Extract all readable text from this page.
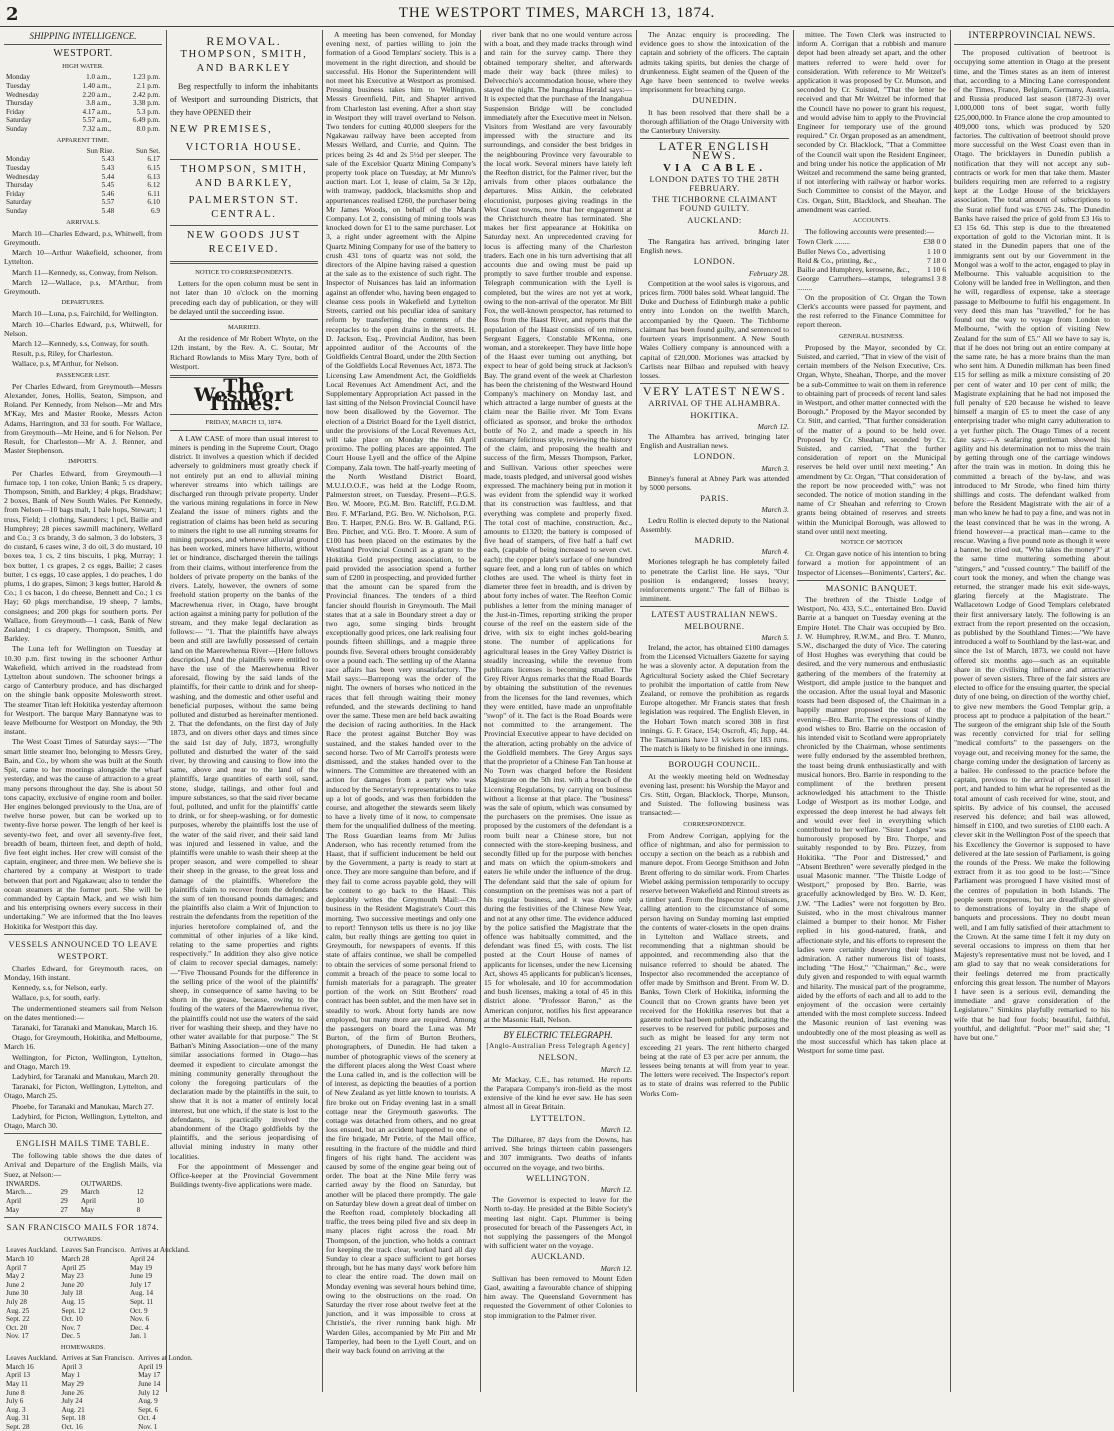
2	THE WESTPORT TIMES, MARCH 13, 1874.
SHIPPING INTELLIGENCE.
WESTPORT.
HIGH WATER.
Monday	1.0 a.m.,	1.23 p.m.
Tuesday	1.40 a.m.,	2.1 p.m.
Wednesday	2.20 a.m.,	2.42 p.m.
Thursday	3.8 a.m.,	3.38 p.m.
Friday	4.17 a.m.,	5.3 p.m.
Saturday	5.57 a.m.,	6.49 p.m.
Sunday	7.32 a.m.,	8.0 p.m.
APPARENT TIME.
	Sun Rise.	Sun Set.
Monday	5.43	6.17
Tuesday	5.43	6.15
Wednesday	5.44	6.13
Thursday	5.45	6.12
Friday	5.46	6.11
Saturday	5.57	6.10
Sunday	5.48	6.9
ARRIVALS.

March 10—Charles Edward, p.s, Whitwell, from Greymouth.

March 10—Arthur Wakefield, schooner, from Lyttelton.

March 11—Kennedy, ss, Conway, from Nelson.

March 12—Wallace, p.s, M'Arthur, from Greymouth.

DEPARTURES.

March 10—Luna, p.s, Fairchild, for Wellington.

March 10—Charles Edward, p.s, Whitwell, for Nelson.

March 12—Kennedy, s.s, Conway, for south.

Result, p.s, Riley, for Charleston.

Wallace, p.s, M'Arthur, for Nelson.

PASSENGER LIST.

Per Charles Edward, from Greymouth—Messrs Alexander, Jones, Hollis, Seaton, Simpson, and Roland. Per Kennedy, from Nelson—Mr and Mrs M'Kay, Mrs and Master Rooke, Messrs Acton Adams, Harrington, and 33 for south. For Wallace, from Greymouth—Mr Heine, and 6 for Nelson. Per Result, for Charleston—Mr A. J. Renner, and Master Stephenson.

IMPORTS.

Per Charles Edward, from Greymouth—1 furnace top, 1 ton coke, Union Bank; 5 cs drapery, Thompson, Smith, and Barkley; 4 pkgs, Bradshaw; 2 boxes, Bank of New South Wales. Per Kennedy, from Nelson—10 bags malt, 1 bale hops, Stewart; 1 truss, Field; 1 clothing, Saunders; 1 pcl, Bailie and Humphrey; 28 pieces sawmill machinery, Wellard and Co.; 3 cs brandy, 3 do salmon, 3 do lobsters, 3 do custard, 6 cases wine, 3 do oil, 3 do mustard, 10 boxes tea, 1 cs, 2 tins biscuits, 1 pkg, Murray; 1 box butter, 1 cs grapes, 2 cs eggs, Bailie; 2 cases butter, 1 cs eggs, 10 case apples, 1 do peaches, 1 do plums, 1 do grapes, Simon; 3 kegs butter, Harold & Co.; 1 cs bacon, 1 do cheese, Bennett and Co.; 1 cs Hay; 60 pkgs merchandise, 19 sheep, 7 lambs, consignees; and 200 pkgs for southern ports. Per Wallace, from Greymouth—1 cask, Bank of New Zealand; 1 cs drapery, Thompson, Smith, and Barkley.

The Luna left for Wellington on Tuesday at 10.30 p.m. first towing in the schooner Arthur Wakefield, which arrived in the roadstead from Lyttelton about sundown. The schooner brings a cargo of Canterbury produce, and has discharged on the shingle bank opposite Molesworth street. The steamer Titan left Hokitika yesterday afternoon for Westport. The barque Mary Bannatyne was to leave Melbourne for Westport on Monday, the 9th instant.

The West Coast Times of Saturday says:—"The smart little steamer Ino, belonging to Messrs Grey, Bain, and Co., by whom she was built at the South Spit, came to her moorings alongside the wharf yesterday, and was the cause of attraction to a great many persons throughout the day. She is about 50 tons capacity, exclusive of engine room and boiler. Her engines belonged previously to the Una, are of twelve horse power, but can be worked up to twenty-five horse power. The length of her keel is seventy-two feet, and over all seventy-five feet, breadth of beam, thirteen feet, and depth of hold, five feet eight inches. Her crew will consist of the captain, engineer, and three men. We believe she is chartered by a company at Westport to trade between that port and Ngakawau; also to tender the ocean steamers at the former port. She will be commanded by Captain Mack, and we wish him and his enterprising owners every success in their undertaking." We are informed that the Ino leaves Hokitika for Westport this day.

VESSELS ANNOUNCED TO LEAVE WESTPORT.

Charles Edward, for Greymouth races, on Monday, 16th instant.

Kennedy, s.s, for Nelson, early.

Wallace, p.s, for south, early.

The undermentioned steamers sail from Nelson on the dates mentioned:—

Taranaki, for Taranaki and Manukau, March 16.

Otago, for Greymouth, Hokitika, and Melbourne, March 16.

Wellington, for Picton, Wellington, Lyttelton, and Otago, March 19.

Ladybird, for Taranaki and Manukau, March 20.

Taranaki, for Picton, Wellington, Lyttelton, and Otago, March 25.

Phoebe, for Taranaki and Manukau, March 27.

Ladybird, for Picton, Wellington, Lyttelton, and Otago, March 30.

ENGLISH MAILS TIME TABLE.

The following table shows the due dates of Arrival and Departure of the English Mails, via Suez, at Nelson:—

INWARDS.		OUTWARDS.	
March....	29	March	12
April	29	April	10
May	27	May	8
SAN FRANCISCO MAILS FOR 1874.
OUTWARDS.
Leaves Auckland.	Leaves San Francisco.	Arrives at Auckland.
March 10	March 28	April 24
April 7	April 25	May 19
May 2	May 23	June 19
June 2	June 20	July 17
June 30	July 18	Aug. 14
July 28	Aug. 15	Sept. 11
Aug. 25	Sept. 12	Oct. 9
Sept. 22	Oct. 10	Nov. 6
Oct. 20	Nov. 7	Dec. 4
Nov. 17	Dec. 5	Jan. 1
HOMEWARDS.
Leaves Auckland.	Arrives at San Francisco.	Arrives at London.
March 16	April 3	April 19
April 13	May 1	May 17
May 11	May 29	June 14
June 8	June 26	July 12
July 6	July 24	Aug. 9
Aug. 3	Aug. 21	Sept. 6
Aug. 31	Sept. 18	Oct. 4
Sept. 28	Oct. 16	Nov. 1
REMOVAL.
THOMPSON, SMITH, AND BARKLEY

Beg respectfully to inform the inhabitants of Westport and surrounding Districts, that they have OPENED their

NEW PREMISES,
VICTORIA HOUSE.
THOMPSON, SMITH, AND BARKLEY,
PALMERSTON ST. CENTRAL.
NEW GOODS JUST RECEIVED.
NOTICE TO CORRESPONDENTS.

Letters for the open column must be sent in not later than 10 o'clock on the morning preceding each day of publication, or they will be delayed until the succeeding issue.

MARRIED.

At the residence of Mr Robert Whyte, on the 12th instant, by the Rev. A. C. Soutar, Mr Richard Rowlands to Miss Mary Tyre, both of Westport.

The Westport Times.
FRIDAY, MARCH 13, 1874.

A LAW CASE of more than usual interest to miners is pending in the Supreme Court, Otago district. It involves a question which if decided adversely to goldminers must greatly check if not entirely put an end to alluvial mining wherever streams into which tailings are discharged run through private property. Under the various mining regulations in force in New Zealand the issue of miners rights and the registration of claims has been held as securing to miners the right to use all running streams for mining purposes, and whenever alluvial ground has been worked, miners have hitherto, without let or hindrance, discharged therein the tailings from their claims, without interference from the holders of private property on the banks of the rivers. Lately, however, the owners of some freehold station property on the banks of the Macrewhenua river, in Otago, have brought action against a mining party for pollution of the stream, and they make legal declaration as follows:— "1. That the plaintiffs have always been and still are lawfully possessed of certain land on the Maerewhenua River—[Here follows description.] And the plaintiffs were entitled to have the use of the Maerewhenua River aforesaid, flowing by the said lands of the plaintiffs, for their cattle to drink and for sheep-washing, and the domestic and other useful and beneficial purposes, without the same being polluted and disturbed as hereinafter mentioned. 2. That the defendants, on the first day of July 1873, and on divers other days and times since the said 1st day of July, 1873, wrongfully polluted and disturbed the water of the said river, by throwing and causing to flow into the same, above and near to the land of the plaintiffs, large quantities of earth soil, sand, stone, sludge, tailings, and other foul and impure substances, so that the said river became foul, polluted, and unfit for the plaintiffs' cattle to drink, or for sheep-washing, or for domestic purposes, whereby the plaintiffs lost the use of the water of the said river, and their said land was injured and lessened in value, and the plaintiffs were unable to wash their sheep at the proper season, and were compelled to shear their sheep in the grease, to the great loss and damage of the plaintiffs. Wherefore the plaintiffs claim to recover from the defendants the sum of ten thousand pounds damages; and the plaintiffs also claim a Writ of Injunction to restrain the defendants from the repetition of the injuries heretofore complained of, and the committal of other injuries of a like kind, relating to the same properties and rights respectively." In addition they also give notice of claim to recover special damages, namely:—"Five Thousand Pounds for the difference in the selling price of the wool of the plaintiffs' sheep, in consequence of same having to be shorn in the grease, because, owing to the fouling of the waters of the Maerewhenua river, the plaintiffs could not use the waters of the said river for washing their sheep, and they have no other water available for that purpose." The St Bathan's Mining Association—one of the many similar associations formed in Otago—has deemed it expedient to circulate amongst the mining community generally throughout the colony the foregoing particulars of the declaration made by the plaintiffs in the suit, to show that it is not a matter of entirely local interest, but one which, if the state is lost to the defendants, is practically involved the abandonment of the Otago goldfields by the plaintiffs, and the serious jeopardising of alluvial mining industry in many other localities.

For the appointment of Messenger and Office-keeper at the Provincial Government Buildings twenty-five applications were made.

A meeting has been convened, for Monday evening next, of parties willing to join the formation of a Good Templars' society. This is a movement in the right direction, and should be successful. His Honor the Superintendent will not meet his Executive at Westport as promised. Pressing business takes him to Wellington. Messrs Greenfield, Pitt, and Shapter arrived from Charleston last evening. After a short stay in Westport they will travel overland to Nelson. Two tenders for cutting 40,000 sleepers for the Ngakawau railway have been accepted from Messrs Wellard, and Currie, and Quinn. The prices being 2s 4d and 2s 5½d per sleeper. The sale of the Excelsior Quartz Mining Company's property took place on Tuesday, at Mr Munro's auction mart. Lot 1, lease of claim, 5a 3r 12p, with tramway, paddock, blacksmiths shop and appurtenances realised £260, the purchaser being Mr James Woods, on behalf of the Marsh Company. Lot 2, consisting of mining tools was knocked down for £1 to the same purchaser. Lot 3, a right under agreement with the Alpine Quartz Mining Company for use of the battery to crush 431 tons of quartz was not sold, the directors of the Alpine having raised a question at the sale as to the existence of such right. The Inspector of Nuisances has laid an information against an offender who, having been engaged to cleanse cess pools in Wakefield and Lyttelton Streets, carried out his peculiar idea of sanitary reform by transferring the contents of the receptacles to the open drains in the streets. H. D. Jackson, Esq., Provincial Auditor, has been appointed auditor of the Accounts of the Goldfields Central Board, under the 20th Section of the Goldfields Local Revenues Act, 1873. The Licensing Law Amendment Act, the Goldfields Local Revenues Act Amendment Act, and the Supplementary Appropriation Act passed in the last sitting of the Nelson Provincial Council have now been disallowed by the Governor. The election of a District Board for the Lyell district, under the provisions of the Local Revenues Act, will take place on Monday the 6th April proximo. The polling places are appointed. The Court House Lyell and the office of the Alpine Company, Zala town. The half-yearly meeting of the North Westland District Board, M.U.I.O.O.F., was held at the Lodge Room, Palmerston street, on Tuesday. Present—P.G.S. Bro. W. Moore, P.G.M. Bro. Ratcliff, P.G.D.M. Bro. F. M'Farland, P.G. Bro. W. Nicholson, P.G. Bro. T. Harper, P.N.G. Bro. W. B. Galland, P.G. Bro. Pitcher, and V.G. Bro. T. Moore. A sum of £100 has been placed on the estimates by the Westland Provincial Council as a grant to the Hokitika Gold prospecting association, to be paid provided the association spend a further sum of £200 in prospecting, and provided further that the amount can be spared from the Provincial finances. The tenders of a third fancier should flourish in Greymouth. The Mail states that at a sale in Boundary street a day or two ago, some singing birds brought exceptionally good prices, one lark realising four pounds fifteen shillings, and a magpie three pounds five. Several others brought considerably over a pound each. The settling up of the Alanna race affairs has been very unsatisfactory. The Mail says:—Barrepong was the order of the night. The owners of horses who noticed in the races that fell through waiting their money refunded, and the stewards declining to hand over the same. These men are held back awaiting the decision of racing authorities. In the Hack Race the protest against Butcher Boy was sustained, and the stakes handed over to the second horse. Two of Mr Carroll's protests were dismissed, and the stakes handed over to the winners. The Committee are threatened with an action for damages from a party who was induced by the Secretary's representations to take up a lot of goods, and was then forbidden the course, and altogether the stewards seem likely to have a lively time of it now, to compensate them for the unqualified dullness of the meeting. The Ross Guardian learns from Mr Julius Anderson, who has recently returned from the Haast, that if sufficient inducement be held out by the Government, a party is ready to start at once. They are more sanguine than before, and if they fail to come across payable gold, they will be content to go back to the Haast. This deplorably writes the Greymouth Mail:—On business in the Resident Magistrate's Court this morning. Two successive meetings and only one to report! Tennyson tells us there is no joy like calm, but really things are getting too quiet in Greymouth, for newspapers of events. If this state of affairs continue, we shall be compelled to obtain the services of some personal friend to commit a breach of the peace to some local to furnish materials for a paragraph. The greater portion of the work on Stitt Brothers' road contract has been sublet, and the men have set in steadily to work. About forty hands are now employed, but many more are required. Among the passengers on board the Luna was Mr Burton, of the firm of Burton Brothers, photographers, of Dunedin. He had taken a number of photographic views of the scenery at the different places along the West Coast where the Luna called in, and is the collection will be of interest, as depicting the beauties of a portion of New Zealand as yet little known to tourists. A fire broke out on Friday evening last in a small cottage near the Greymouth gasworks. The cottage was detached from others, and no great loss ensued, but an accident happened to one of the fire brigade, Mr Petrie, of the Mail office, resulting in the fracture of the middle and third fingers of his right hand. The accident was caused by some of the engine gear being out of order. The boat at the Nine Mile ferry was carried away by the flood on Saturday, but another will be placed there promptly. The gale on Saturday blew down a great deal of timber on the Reefton road, completely blockading all traffic, the trees being piled five and six deep in many places right across the road. Mr Thompson, of the junction, who holds a contract for keeping the track clear, worked hard all day Sunday to clear a space sufficient to get horses through, but he has many days' work before him to clear the entire road. The down mail on Monday evening was several hours behind time, owing to the obstructions on the road. On Saturday the river rose about twelve feet at the junction, and it was impossible to cross at Christie's, the river running bank high. Mr Warden Giles, accompanied by Mr Pitt and Mr Tamperley, had been to the Lyell Court, and on their way back found on arriving at the

river bank that no one would venture across with a boat, and they made tracks through wind and rain for the survey camp. There they obtained temporary shelter, and afterwards made their way back (three miles) to Delvecchio's accommodation house, where they stayed the night. The Inangahua Herald says:—It is expected that the purchase of the Inangahua Suspension Bridge will be concluded immediately after the Executive meet in Nelson. Visitors from Westland are very favourably impressed with the structure and its surroundings, and consider the best bridges in the neighbouring Province very favourable to the local work. Several miners have lately left the Reefton district, for the Palmer river, but the arrivals from other places outbalance the departures. Miss Aitkin, the celebrated elocutionist, purposes giving readings in the West Coast towns, now that her engagement at the Christchurch theatre has terminated. She makes her first appearance at Hokitika on Saturday next. An unprecedented craving for locus is affecting many of the Charleston traders. Each one in his turn advertising that all accounts due and owing must be paid up promptly to save further trouble and expense. Telegraph communication with the Lyell is completed, but the wires are not yet at work, owing to the non-arrival of the operator. Mr Bill Fox, the well-known prospector, has returned to Ross from the Haast River, and reports that the population of the Haast consists of ten miners, Sergeant Eggers, Constable M'Kenna, one woman, and a storekeeper. They have little hope of the Haast ever turning out anything, but expect to hear of gold being struck at Jackson's Bay. The grand event of the week at Charleston has been the christening of the Westward Hound Company's machinery on Monday last, and which attracted a large number of guests at the claim near the Bailie river. Mr Tom Evans officiated as sponsor, and broke the orthodox bottle of No 2, and made a speech in his customary felicitous style, reviewing the history of the claim, and proposing the health and success of the firm, Messrs Thompson, Parker, and Sullivan. Various other speeches were made, toasts pledged, and universal good wishes expressed. The machinery being put in motion it was evident from the splendid way it worked that its construction was faultless, and that everything was complete and properly fixed. The total cost of machine, construction, &c., amounts to £1320; the battery is composed of five head of stampers, of five half a half cwt each, (capable of being increased to seven cwt. each); the copper plate's surface of one hundred square feet, and a long run of tables on which clothes are used. The wheel is thirty feet in diameter three feet in breadth, and is driven by about forty inches of water. The Reefton Comic publishes a letter from the mining manager of the Just-in-Times, reporting striking the proper course of the reef on the eastern side of the drive, with six to eight inches gold-bearing stone. The number of applications for agricultural leases in the Grey Valley District is steadily increasing, while the revenue from publicans licenses is becoming smaller. The Grey River Argus remarks that the Road Boards by obtaining the substitution of the revenues from the licenses for the land revenues, which they were entitled, have made an unprofitable "swop" of it. The fact is the Road Boards were not committed to the arrangement. The Provincial Executive appear to have decided on the alteration, acting probably on the advice of the Goldfield members. The Grey Argus says that the proprietor of a Chinese Fan Tan house at No Town was charged before the Resident Magistrate on the 5th inst. with a breach of the Licensing Regulations, by carrying on business without a license at that place. The "business" was the sale of opium, which was consumed by the purchasers on the premises. One issue as proposed by the customers of the defendant is a room built near a Chinese store, but not connected with the store-keeping business, and secondly filled up for the purpose with benches and mats on which the opium-smokers and eaters lie while under the influence of the drug. The defendant said that the sale of opium for consumption on the premises was not a part of his regular business, and it was done only during the festivities of the Chinese New Year, and not at any other time. The evidence adduced by the police satisfied the Magistrate that the offence was habitually committed, and the defendant was fined £5, with costs. The list posted at the Court House of names of applicants for licenses, under the new Licensing Act, shows 45 applicants for publican's licenses, 15 for wholesale, and 10 for accommodation and bush licenses, making a total of 45 in this district alone. "Professor Baron," as the American conjuror, notifies his first appearance at the Masonic Hall, Nelson.

BY ELECTRIC TELEGRAPH.
[Anglo-Australian Press Telegraph Agency]
NELSON.
March 12.

Mr Mackay, C.E., has returned. He reports the Parapara Company's iron-field as the most extensive of the kind he ever saw. He has seen almost all in Great Britain.

LYTTELTON.
March 12.

The Dilharee, 87 days from the Downs, has arrived. She brings thirteen cabin passengers and 307 immigrants. Two deaths of infants occurred on the voyage, and two births.

WELLINGTON.
March 12.

The Governor is expected to leave for the North to-day. He presided at the Bible Society's meeting last night. Capt. Plummer is being prosecuted for breach of the Passengers Act, in not supplying the passengers of the Mongol with sufficient water on the voyage.

AUCKLAND.
March 12.

Sullivan has been removed to Mount Eden Gaol, awaiting a favourable chance of shipping him away. The Queensland Government has requested the Government of other Colonies to stop immigration to the Palmer river.

The Anzac enquiry is proceeding. The evidence goes to show the intoxication of the captain and sobriety of the officers. The captain admits taking spirits, but denies the charge of drunkenness. Eight seamen of the Queen of the Age have been sentenced to twelve weeks imprisonment for breaching cargo.

DUNEDIN.

It has been resolved that there shall be a thorough affiliation of the Otago University with the Canterbury University.

LATER ENGLISH NEWS.
VIA CABLE.
LONDON DATES TO THE 28TH FEBRUARY.
THE TICHBORNE CLAIMANT FOUND GUILTY.
AUCKLAND:
March 11.

The Rangatira has arrived, bringing later English news.

LONDON.
February 28.

Competition at the wool sales is vigorous, and prices firm. 7000 bales sold. Wheat languid. The Duke and Duchess of Edinburgh make a public entry into London on the twelfth March, accompanied by the Queen. The Tichborne claimant has been found guilty, and sentenced to fourteen years imprisonment. A New South Wales Colliery company is announced with a capital of £20,000. Moriones was attacked by Carlists near Bilbao and repulsed with heavy losses.

VERY LATEST NEWS.
ARRIVAL OF THE ALHAMBRA.
HOKITIKA.
March 12.

The Alhambra has arrived, bringing later English and Australian news.

LONDON.
March 3.

Binney's funeral at Abney Park was attended by 5000 persons.

PARIS.
March 3.

Ledru Rollin is elected deputy to the National Assembly.

MADRID.
March 4.

Moriones telegraph he has completely failed to penetrate the Carlist line. He says, "Our position is endangered; losses heavy; reinforcements urgent." The fall of Bilbao is imminent.

LATEST AUSTRALIAN NEWS.
MELBOURNE.
March 5.

Ireland, the actor, has obtained £100 damages from the Licensed Victuallers Gazette for saying he was a slovenly actor. A deputation from the Agricultural Society asked the Chief Secretary to prohibit the importation of cattle from New Zealand, or remove the prohibition as regards Europe altogether. Mr Francis states that fresh legislation was required. The English Eleven, in the Hobart Town match scored 308 in first innings. G. F. Grace, 154; Oscroft, 45; Jupp, 44. The Tasmanians have 13 wickets for 183 runs. The match is likely to be finished in one innings.

BOROUGH COUNCIL.

At the weekly meeting held on Wednesday evening last, present: his Worship the Mayor and Crs. Stitt, Organ, Blacklock, Thorpe, Munson, and Suisted. The following business was transacted:—

CORRESPONDENCE.

From Andrew Corrigan, applying for the office of nightman, and also for permission to occupy a section on the beach as a rubbish and manure depot. From George Smithson and John Brent offering to do similar work. From Charles Wiebel asking permission temporarily to occupy reserve between Wakefield and Rintoul streets as a timber yard. From the Inspector of Nuisances, calling attention to the circumstance of some person having on Sunday morning last emptied the contents of water-closets in the open drains in Lyttelton and Wallace streets, and recommending that a nightman should be appointed, and recommending also that the nuisance referred to should be abated. The Inspector also recommended the acceptance of offer made by Smithson and Brent. From W. D. Banks, Town Clerk of Hokitika, informing the Council that no Crown grants have been yet received for the Hokitika reserves but that a gazette notice had been published, indicating the reserves to be reserved for public purposes and such as might be leased for any term not exceeding 21 years. The rent hitherto charged being at the rate of £3 per acre per annum, the lessees being tenants at will from year to year. The letters were received. The Inspector's report as to state of drains was referred to the Public Works Com-

mittee. The Town Clerk was instructed to inform A. Corrigan that a rubbish and manure depot had been already set apart, and the other matters referred to were held over for consideration. With reference to Mr Weitzel's application it was proposed by Cr. Munson, and seconded by Cr. Suisted, "That the letter be received and that Mr Weitzel be informed that the Council have no power to grant his request, and would advise him to apply to the Provincial Engineer for temporary use of the ground required." Cr. Organ proposed as an amendment, seconded by Cr. Blacklock, "That a Committee of the Council wait upon the Resident Engineer, and bring under his notice the application of Mr Weitzel and recommend the same being granted, if not interfering with railway or harbor works. Such Committee to consist of the Mayor, and Crs. Organ, Stitt, Blacklock, and Sheahan. The amendment was carried.

ACCOUNTS.

The following accounts were presented:—

Town Clerk ........	£38 0 0
Buller News Co., advertising	1 10 0
Reid & Co., printing, &c.,	7 18 0
Bailie and Humphrey, kerosene, &c.,	1 10 6
George Carruthers—stamps, telegrams ........
1 3 8

On the proposition of Cr. Organ the Town Clerk's accounts were passed for payment, and the rest referred to the Finance Committee for report thereon.

GENERAL BUSINESS.

Proposed by the Mayor, seconded by Cr. Suisted, and carried, "That in view of the visit of certain members of the Nelson Executive, Crs. Organ, Whyte, Sheahan, Thorpe, and the mover be a sub-Committee to wait on them in reference to obtaining part of proceeds of recent land sales in Westport, and other matter connected with the Borough." Proposed by the Mayor seconded by Cr. Stitt, and carried, "That further consideration of the matter of a pound to be held over. Proposed by Cr. Sheahan, seconded by Cr. Suisted, and carried, "That the further consideration of report on the Municipal reserves be held over until next meeting." An amendment by Cr. Organ, "That consideration of the report be now proceeded with," was not seconded. The notice of motion standing in the name of Cr Sheahan and referring to Crown grants being obtained of reserves and streets within the Municipal Borough, was allowed to stand over until next meeting.

NOTICE OF MOTION

Cr. Organ gave notice of his intention to bring forward a motion for appointment of an Inspector of Licenses—Boniments', Carters', &c.

MASONIC BANQUET.

The brethren of the Thistle Lodge of Westport, No. 433, S.C., entertained Bro. David Barrie at a banquet on Tuesday evening at the Empire Hotel. The Chair was occupied by Bro. J. W. Humphrey, R.W.M., and Bro. T. Munro, S.W., discharged the duty of Vice. The catering of Host Hughes was everything that could be desired, and the very numerous and enthusiastic gathering of the members of the fraternity at Westport, did ample justice to the banquet and the occasion. After the usual loyal and Masonic toasts had been disposed of, the Chairman in a happily manner proposed the toast of the evening—Bro. Barrie. The expressions of kindly good wishes to Bro. Barrie on the occasion of his intended visit to Scotland were appropriately chronicled by the Chairman, whose sentiments were fully endorsed by the assembled brethren, the toast being drunk enthusiastically and with musical honors. Bro. Barrie in responding to the compliment of the brethren present acknowledged his attachment to the Thistle Lodge of Westport as its mother Lodge, and expressed the deep interest he had always felt and would ever feel in everything which contributed to her welfare. "Sister Lodges" was humorously proposed by Bro. Thorpe, and suitably responded to by Bro. Pizzey, from Hokitika. "The Poor and Distressed," and "Absent Brethren" were severally pledged in the usual Masonic manner. "The Thistle Lodge of Westport," proposed by Bro. Barrie, was gracefully acknowledged by Bro. W. D. Kerr, J.W. "The Ladies" were not forgotten by Bro. Suisted, who in the most chivalrous manner claimed a bumper to their honor. Mr Fisher replied in his good-natured, frank, and affectionate style, and his efforts to represent the ladies were certainly deserving their highest admiration. A rather numerous list of toasts, including "The Host," "Chairman," &c., were duly given and responded to with equal warmth and hilarity. The musical part of the programme, aided by the efforts of each and all to add to the enjoyment of the occasion were certainly attended with the most complete success. Indeed the Masonic reunion of last evening was undoubtedly one of the most pleasing as well as the most successful which has taken place at Westport for some time past.

INTERPROVINCIAL NEWS.

The proposed cultivation of beetroot is occupying some attention in Otago at the present time, and the Times states as an item of interest that, according to a Mincing Lane correspondent of the Times, France, Belgium, Germany, Austria, and Russia produced last season (1872-3) over 1,000,000 tons of beet sugar, worth fully £25,000,000. In France alone the crop amounted to 409,000 tons, which was produced by 520 factories. The cultivation of beetroot should prove more successful on the West Coast even than in Otago. The bricklayers in Dunedin publish a notification that they will not accept any sub-contracts or work for men that take them. Master builders requiring men are referred to a registry kept at the Lodge House of the bricklayers association. The total amount of subscriptions to the Surat relief fund was £765 24s. The Dunedin Banks have raised the price of gold from £3 16s to £3 15s 6d. This step is due to the threatened exportation of gold to the Victorian mint. It is stated in the Dunedin papers that one of the immigrants sent out by our Government in the Mongol was a wolf to the actor, engaged to play in Melbourne. This valuable acquisition to the Colony will be landed free in Wellington, and then he will, regardless of expense, take a steerage passage to Melbourne to fulfil his engagement. In very deed this man has "travelled," for he has found out the way to voyage from London to Melbourne, "with the option of visiting New Zealand for the sum of £5." All we have to say is, that if he does not bring out an entire company at the same rate, he has a more brains than the man who sent him. A Dunedin milkman has been fined £15 for selling as milk a mixture consisting of 20 per cent of water and 10 per cent of milk; the Magistrate explaining that he had not imposed the full penalty of £20 because he wished to leave himself a margin of £5 to meet the case of any enterprising trader who might carry adulteration to a yet further pitch. The Otago Times of a recent date says:—A seafaring gentleman showed his agility and his determination not to miss the train by getting through one of the carriage windows after the train was in motion. In doing this he committed a breach of the by-law, and was introduced to Mr Strode, who fined him thirty shillings and costs. The defendant walked from before the Resident Magistrate with the air of a man who knew he had to pay a fine, and was not in the least convinced that he was in the wrong. A friend however—a practical man—came to the rescue. Waving a five pound note as though it were a banner, he cried out, "Who takes the money?" at the same time muttering something about "stingers," and "cussed country." The bailiff of the court took the money, and when the change was returned, the stranger made his exit side-ways, glaring fiercely at the Magistrate. The Wallacetown Lodge of Good Templars celebrated their first anniversary lately. The following is an extract from the report presented on the occasion, as published by the Southland Times:—"We have introduced a wolf to Southland by the last-war, and since the 1st of March, 1873, we could not have offered six months ago—such as an equitable share in the civilising influence and attractive power of seven sisters. Three of the fair sisters are elected to office for the ensuing quarter, the special duty of one being, on direction of the worthy chief, to give new members the Good Templar grip, a process apt to produce a palpitation of the heart." The surgeon of the emigrant ship Isle of the South was recently convicted for trial for selling "medical comforts" to the passengers on the voyage out, and receiving money for the same, the charge coming under the designation of larceny as a bailee. He confessed to the practice before the captain, previous to the arrival of the vessel in port, and handed to him what he represented as the total amount of cash received for wine, stout, and spirits. By advice of his counsel, the accused reserved his defence; and bail was allowed, himself in £100, and two sureties of £100 each. A clever skit in the Wellington Post of the speech that his Excellency the Governor is supposed to have delivered at the late session of Parliament, is going the rounds of the Press. We make the following extract from it as too good to be lost:—"Since Parliament was prorogued I have visited most of the centres of population in both Islands. The people seem prosperous, but are dreadfully given to demonstrations of loyalty in the shape of banquets and processions. They no doubt mean well, and I am fully satisfied of their attachment to the Crown. At the same time I felt it my duty on several occasions to impress on them that her Majesty's representative must not be loved, and I am glad to say that no weak considerations for their feelings deterred me from practically enforcing this great lesson. The number of Mayors I have seen is a serious evil, demanding the immediate and grave consideration of the Legislature." Simkins playfully remarked to his wife that he had four fools; beautiful, faithful, youthful, and delightful. "Poor me!" said she; "I have but one."
